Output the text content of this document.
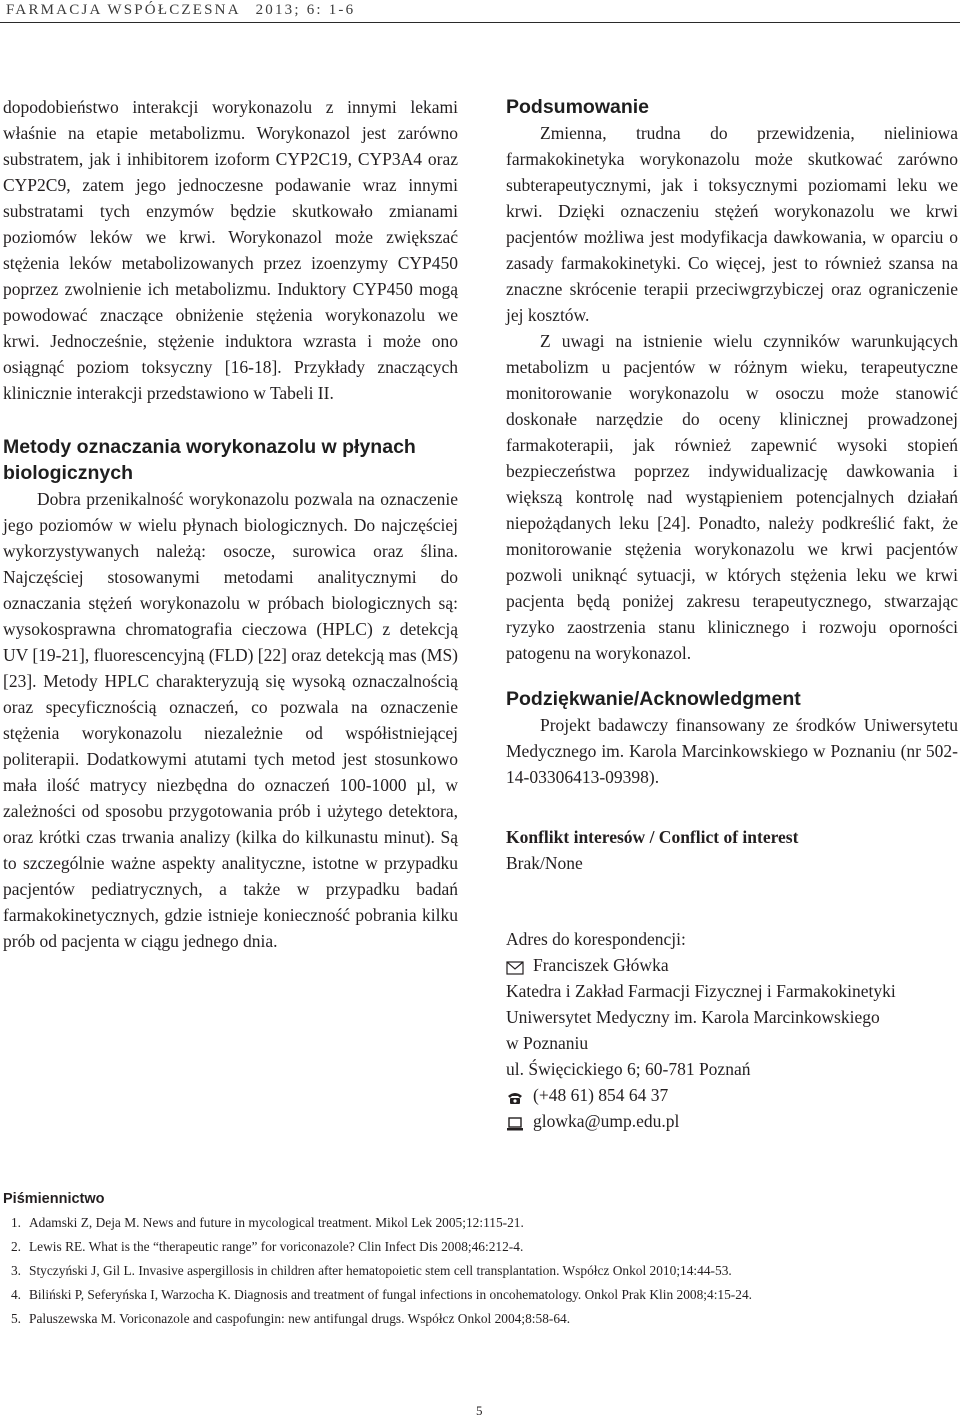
FARMACJA WSPÓŁCZESNA 2013; 6: 1-6

dopodobieństwo interakcji worykonazolu z innymi lekami właśnie na etapie metabolizmu. Worykonazol jest zarówno substratem, jak i inhibitorem izoform CYP2C19, CYP3A4 oraz CYP2C9, zatem jego jednoczesne podawanie wraz innymi substratami tych enzymów będzie skutkowało zmianami poziomów leków we krwi. Worykonazol może zwiększać stężenia leków metabolizowanych przez izoenzymy CYP450 poprzez zwolnienie ich metabolizmu. Induktory CYP450 mogą powodować znaczące obniżenie stężenia worykonazolu we krwi. Jednocześnie, stężenie induktora wzrasta i może ono osiągnąć poziom toksyczny [16-18]. Przykłady znaczących klinicznie interakcji przedstawiono w Tabeli II.

Metody oznaczania worykonazolu w płynach biologicznych

Dobra przenikalność worykonazolu pozwala na oznaczenie jego poziomów w wielu płynach biologicznych. Do najczęściej wykorzystywanych należą: osocze, surowica oraz ślina. Najczęściej stosowanymi metodami analitycznymi do oznaczania stężeń worykonazolu w próbach biologicznych są: wysokosprawna chromatografia cieczowa (HPLC) z detekcją UV [19-21], fluorescencyjną (FLD) [22] oraz detekcją mas (MS) [23]. Metody HPLC charakteryzują się wysoką oznaczalnością oraz specyficznością oznaczeń, co pozwala na oznaczenie stężenia worykonazolu niezależnie od współistniejącej politerapii. Dodatkowymi atutami tych metod jest stosunkowo mała ilość matrycy niezbędna do oznaczeń 100-1000 µl, w zależności od sposobu przygotowania prób i użytego detektora, oraz krótki czas trwania analizy (kilka do kilkunastu minut). Są to szczególnie ważne aspekty analityczne, istotne w przypadku pacjentów pediatrycznych, a także w przypadku badań farmakokinetycznych, gdzie istnieje konieczność pobrania kilku prób od pacjenta w ciągu jednego dnia.

Podsumowanie

Zmienna, trudna do przewidzenia, nieliniowa farmakokinetyka worykonazolu może skutkować zarówno subterapeutycznymi, jak i toksycznymi poziomami leku we krwi. Dzięki oznaczeniu stężeń worykonazolu we krwi pacjentów możliwa jest modyfikacja dawkowania, w oparciu o zasady farmakokinetyki. Co więcej, jest to również szansa na znaczne skrócenie terapii przeciwgrzybiczej oraz ograniczenie jej kosztów.

Z uwagi na istnienie wielu czynników warunkujących metabolizm u pacjentów w różnym wieku, terapeutyczne monitorowanie worykonazolu w osoczu może stanowić doskonałe narzędzie do oceny klinicznej prowadzonej farmakoterapii, jak również zapewnić wysoki stopień bezpieczeństwa poprzez indywidualizację dawkowania i większą kontrolę nad wystąpieniem potencjalnych działań niepożądanych leku [24]. Ponadto, należy podkreślić fakt, że monitorowanie stężenia worykonazolu we krwi pacjentów pozwoli uniknąć sytuacji, w których stężenia leku we krwi pacjenta będą poniżej zakresu terapeutycznego, stwarzając ryzyko zaostrzenia stanu klinicznego i rozwoju oporności patogenu na worykonazol.

Podziękwanie/Acknowledgment

Projekt badawczy finansowany ze środków Uniwersytetu Medycznego im. Karola Marcinkowskiego w Poznaniu (nr 502-14-03306413-09398).

Konflikt interesów / Conflict of interest
Brak/None
Adres do korespondencji:
Franciszek Główka
Katedra i Zakład Farmacji Fizycznej i Farmakokinetyki
Uniwersytet Medyczny im. Karola Marcinkowskiego
w Poznaniu
ul. Święcickiego 6; 60-781 Poznań
(+48 61) 854 64 37
glowka@ump.edu.pl
Piśmiennictwo
1. Adamski Z, Deja M. News and future in mycological treatment. Mikol Lek 2005;12:115-21.
2. Lewis RE. What is the “therapeutic range” for voriconazole? Clin Infect Dis 2008;46:212-4.
3. Styczyński J, Gil L. Invasive aspergillosis in children after hematopoietic stem cell transplantation. Współcz Onkol 2010;14:44-53.
4. Biliński P, Seferyńska I, Warzocha K. Diagnosis and treatment of fungal infections in oncohematology. Onkol Prak Klin 2008;4:15-24.
5. Paluszewska M. Voriconazole and caspofungin: new antifungal drugs. Współcz Onkol 2004;8:58-64.
5
